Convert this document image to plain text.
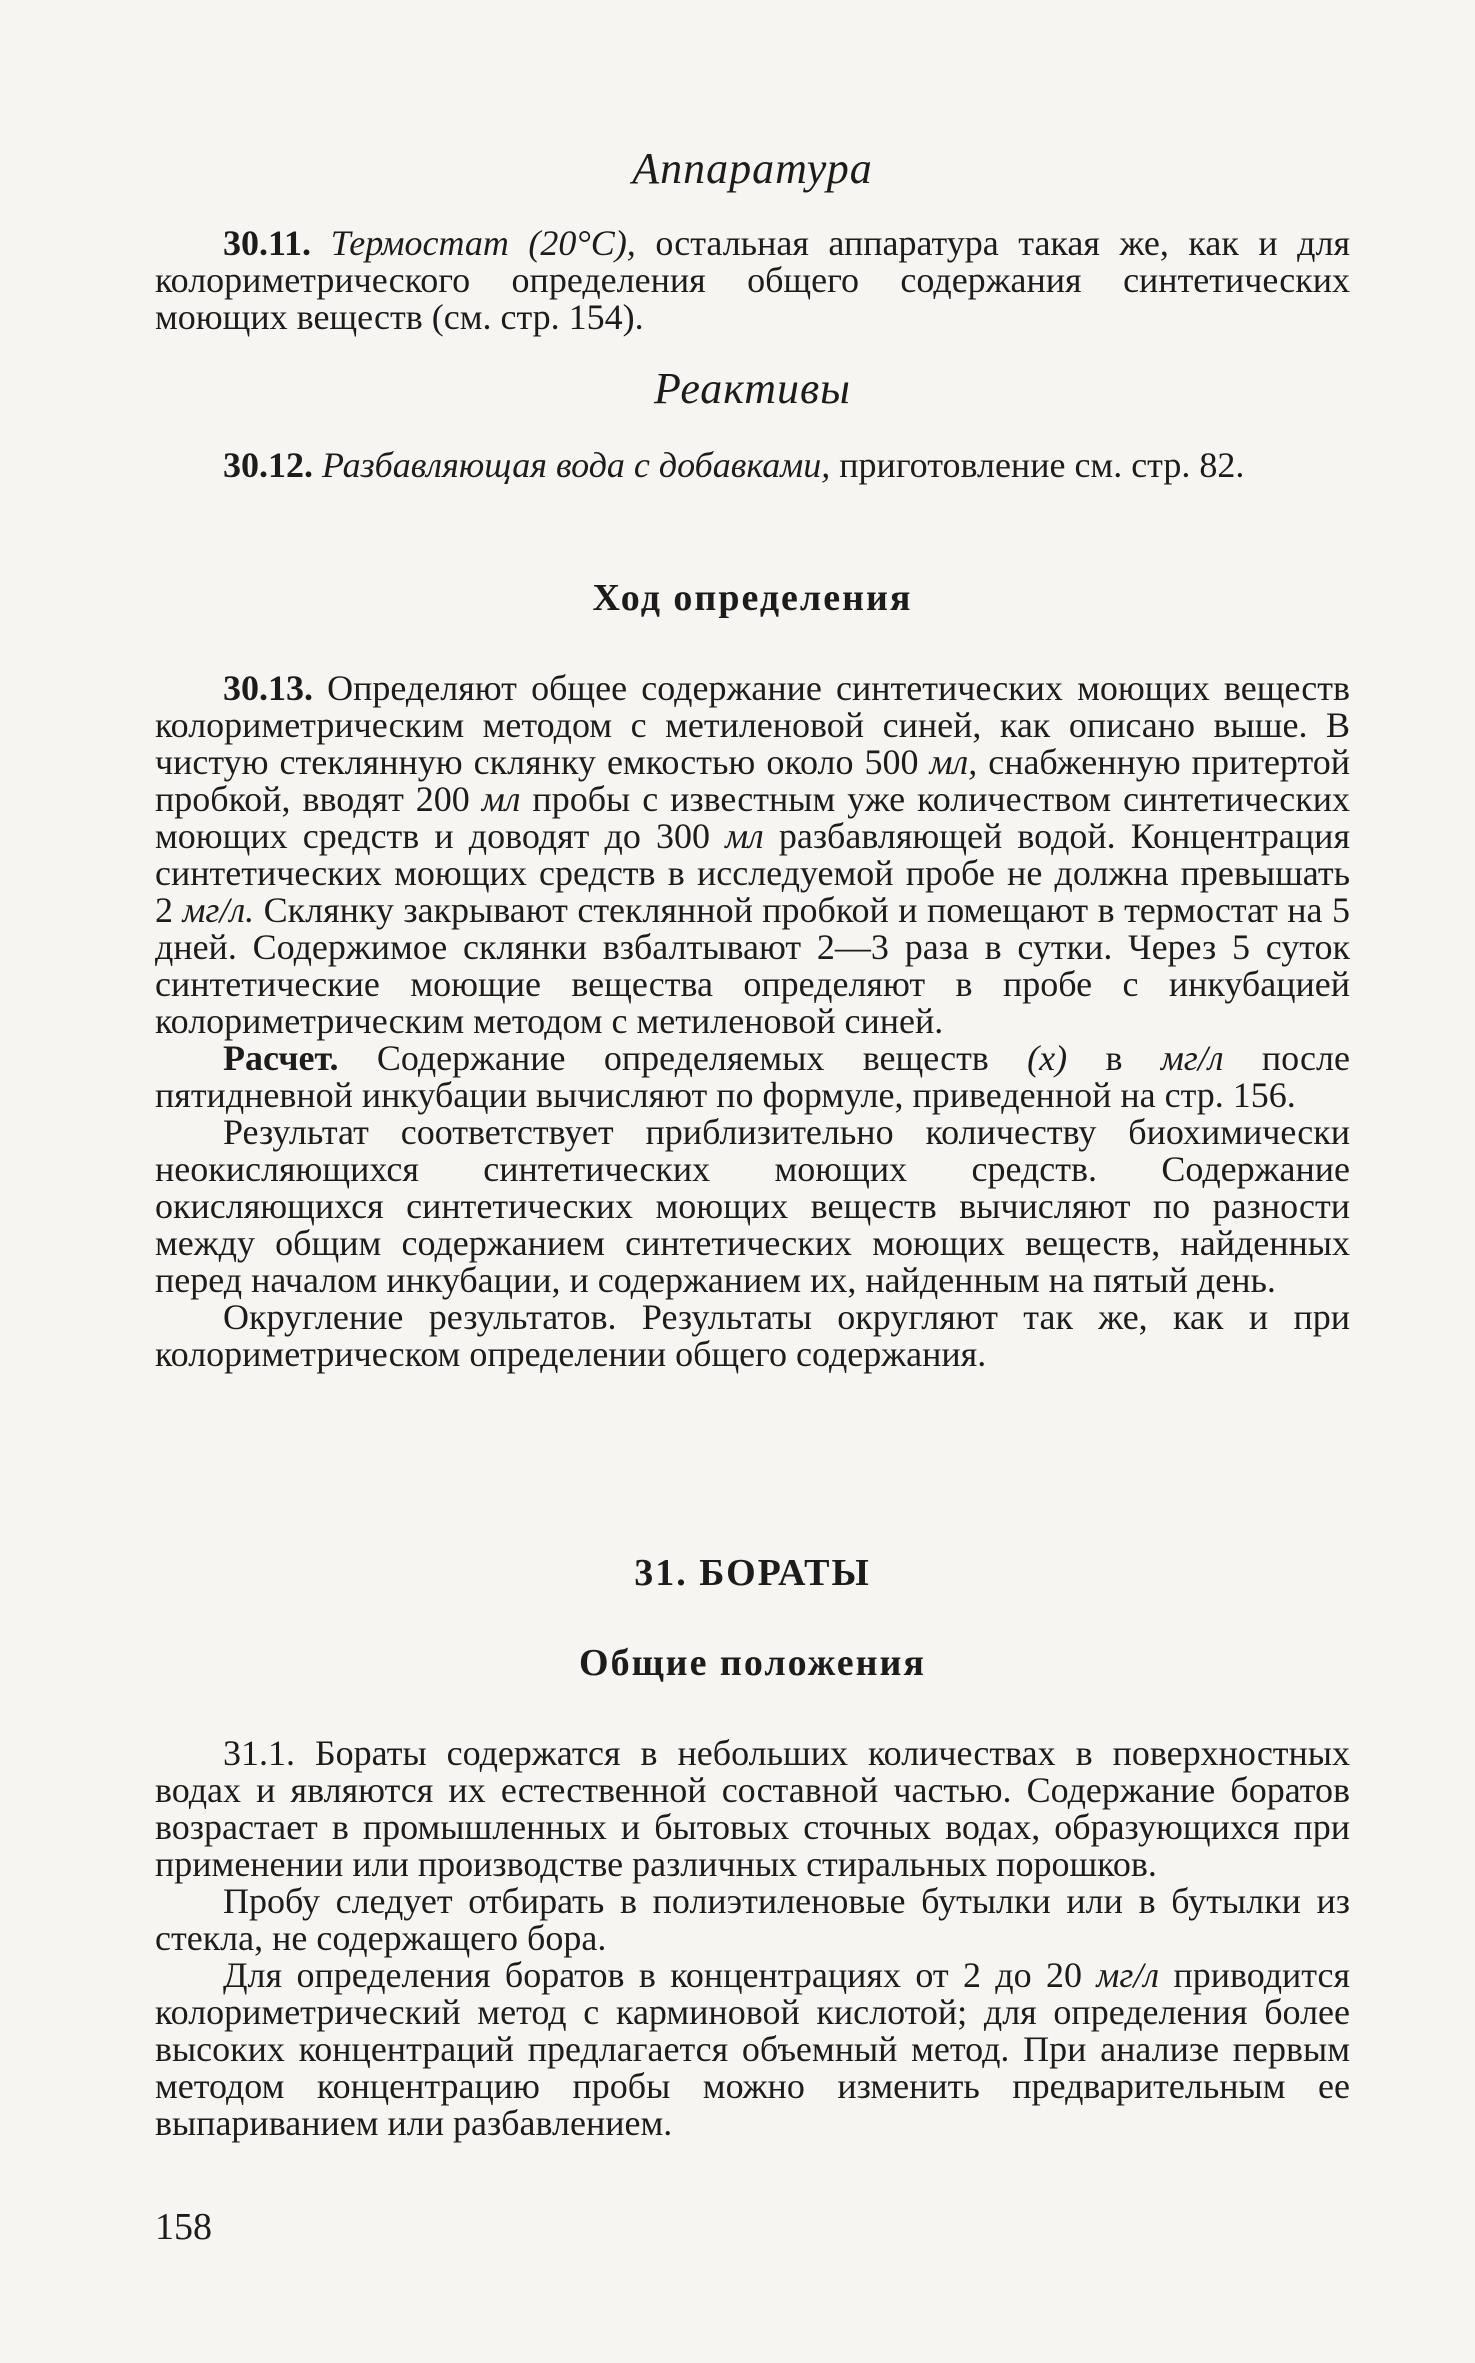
Аппаратура

30.11. Термостат (20°С), остальная аппаратура такая же, как и для колориметрического определения общего содержания синтетических моющих веществ (см. стр. 154).

Реактивы

30.12. Разбавляющая вода с добавками, приготовление см. стр. 82.

Ход определения

30.13. Определяют общее содержание синтетических моющих веществ колориметрическим методом с метиленовой синей, как описано выше. В чистую стеклянную склянку емкостью около 500 мл, снабженную притертой пробкой, вводят 200 мл пробы с известным уже количеством синтетических моющих средств и доводят до 300 мл разбавляющей водой. Концентрация синтетических моющих средств в исследуемой пробе не должна превышать 2 мг/л. Склянку закрывают стеклянной пробкой и помещают в термостат на 5 дней. Содержимое склянки взбалтывают 2—3 раза в сутки. Через 5 суток синтетические моющие вещества определяют в пробе с инкубацией колориметрическим методом с метиленовой синей.

Расчет. Содержание определяемых веществ (x) в мг/л после пятидневной инкубации вычисляют по формуле, приведенной на стр. 156.

Результат соответствует приблизительно количеству биохимически неокисляющихся синтетических моющих средств. Содержание окисляющихся синтетических моющих веществ вычисляют по разности между общим содержанием синтетических моющих веществ, найденных перед началом инкубации, и содержанием их, найденным на пятый день.

Округление результатов. Результаты округляют так же, как и при колориметрическом определении общего содержания.

31. БОРАТЫ

Общие положения

31.1. Бораты содержатся в небольших количествах в поверхностных водах и являются их естественной составной частью. Содержание боратов возрастает в промышленных и бытовых сточных водах, образующихся при применении или производстве различных стиральных порошков.

Пробу следует отбирать в полиэтиленовые бутылки или в бутылки из стекла, не содержащего бора.

Для определения боратов в концентрациях от 2 до 20 мг/л приводится колориметрический метод с карминовой кислотой; для определения более высоких концентраций предлагается объемный метод. При анализе первым методом концентрацию пробы можно изменить предварительным ее выпариванием или разбавлением.

158
